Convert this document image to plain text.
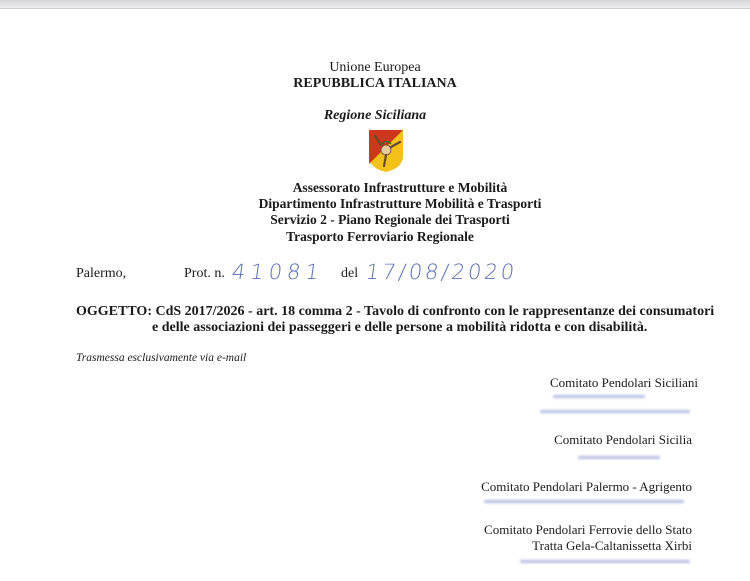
Unione Europea
REPUBBLICA ITALIANA
Regione Siciliana
Assessorato Infrastrutture e Mobilità
Dipartimento Infrastrutture Mobilità e Trasporti
Servizio 2 - Piano Regionale dei Trasporti
Trasporto Ferroviario Regionale
Palermo,	Prot. n. 41081 del 17/08/2020
OGGETTO: CdS 2017/2026 - art. 18 comma 2 - Tavolo di confronto con le rappresentanze dei consumatori
e delle associazioni dei passeggeri e delle persone a mobilità ridotta e con disabilità.
Trasmessa esclusivamente via e-mail
Comitato Pendolari Siciliani
Comitato Pendolari Sicilia
Comitato Pendolari Palermo - Agrigento
Comitato Pendolari Ferrovie dello Stato
Tratta Gela-Caltanissetta Xirbi
